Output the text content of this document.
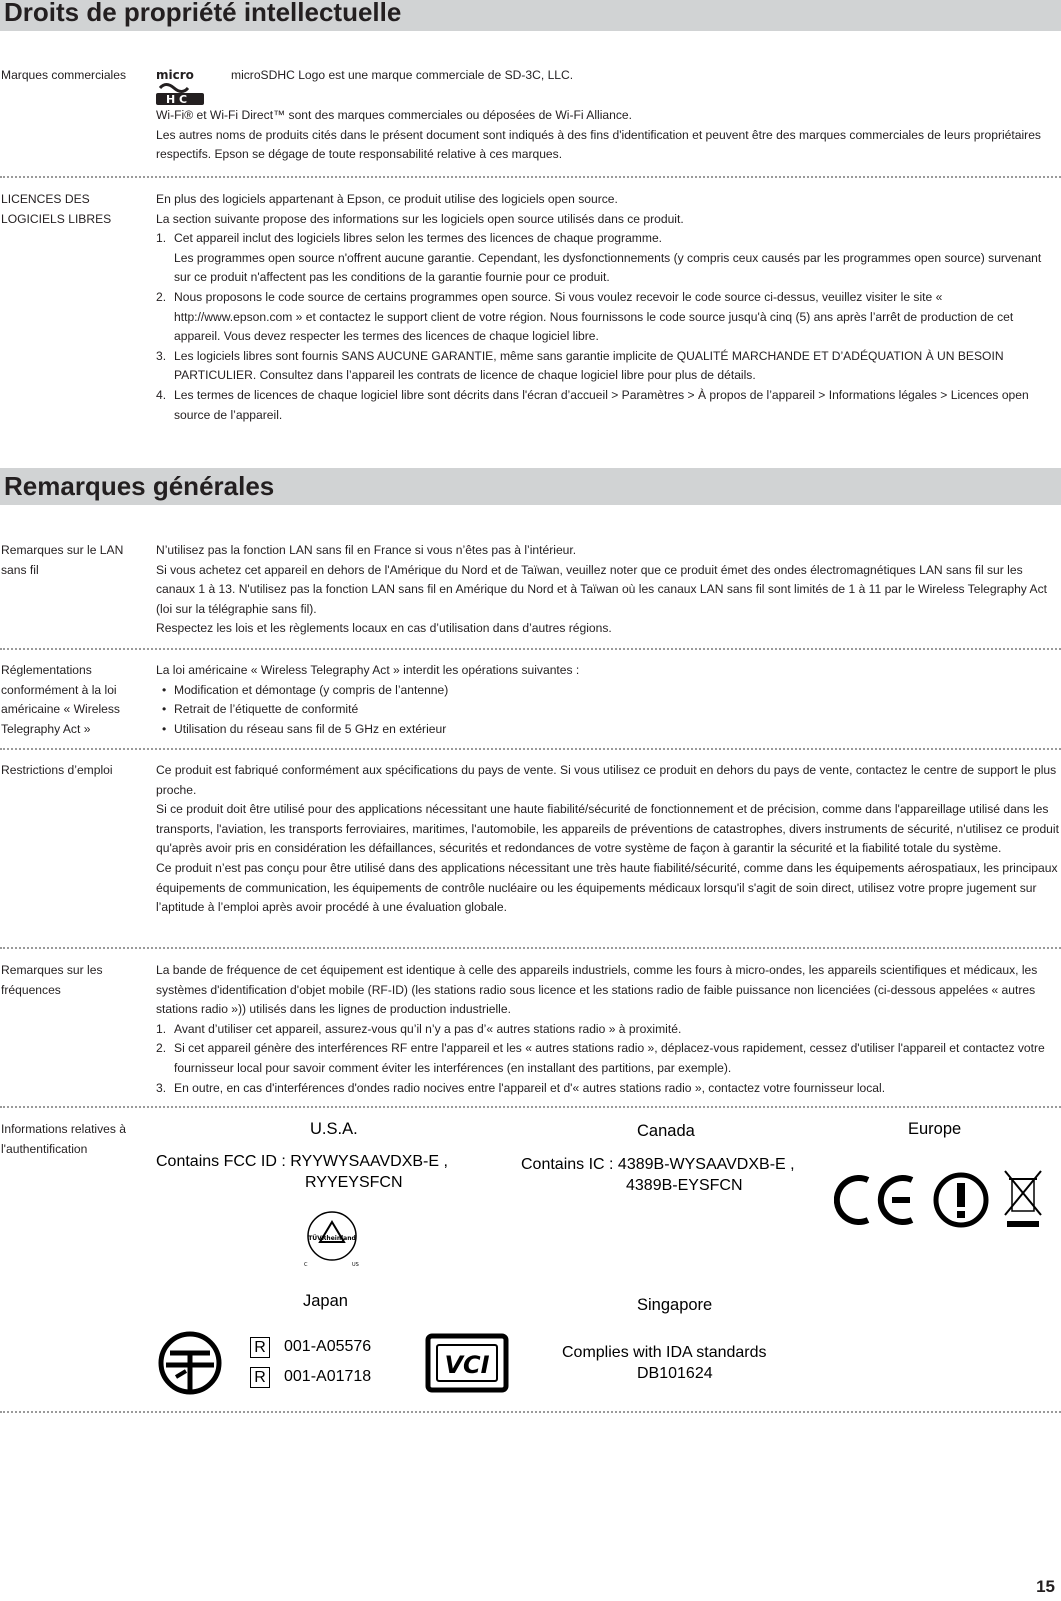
Droits de propriété intellectuelle
Marques commerciales	micro
H C
microSDHC Logo est une marque commerciale de SD-3C, LLC.

Wi-Fi® et Wi-Fi Direct™ sont des marques commerciales ou déposées de Wi-Fi Alliance.

Les autres noms de produits cités dans le présent document sont indiqués à des fins d'identification et peuvent être des marques commerciales de leurs propriétaires respectifs. Epson se dégage de toute responsabilité relative à ces marques.

LICENCES DES LOGICIELS LIBRES

En plus des logiciels appartenant à Epson, ce produit utilise des logiciels open source.

La section suivante propose des informations sur les logiciels open source utilisés dans ce produit.

1. Cet appareil inclut des logiciels libres selon les termes des licences de chaque programme.

Les programmes open source n'offrent aucune garantie. Cependant, les dysfonctionnements (y compris ceux causés par les programmes open source) survenant sur ce produit n'affectent pas les conditions de la garantie fournie pour ce produit.

2. Nous proposons le code source de certains programmes open source. Si vous voulez recevoir le code source ci-dessus, veuillez visiter le site « http://www.epson.com » et contactez le support client de votre région. Nous fournissons le code source jusqu'à cinq (5) ans après l’arrêt de production de cet appareil. Vous devez respecter les termes des licences de chaque logiciel libre.

3. Les logiciels libres sont fournis SANS AUCUNE GARANTIE, même sans garantie implicite de QUALITÉ MARCHANDE ET D’ADÉQUATION À UN BESOIN PARTICULIER. Consultez dans l’appareil les contrats de licence de chaque logiciel libre pour plus de détails.

4. Les termes de licences de chaque logiciel libre sont décrits dans l'écran d’accueil > Paramètres > À propos de l’appareil > Informations légales > Licences open source de l’appareil.

Remarques générales
Remarques sur le LAN sans fil

N’utilisez pas la fonction LAN sans fil en France si vous n’êtes pas à l’intérieur.

Si vous achetez cet appareil en dehors de l'Amérique du Nord et de Taïwan, veuillez noter que ce produit émet des ondes électromagnétiques LAN sans fil sur les canaux 1 à 13. N'utilisez pas la fonction LAN sans fil en Amérique du Nord et à Taïwan où les canaux LAN sans fil sont limités de 1 à 11 par le Wireless Telegraphy Act (loi sur la télégraphie sans fil).

Respectez les lois et les règlements locaux en cas d’utilisation dans d’autres régions.

Réglementations conformément à la loi américaine « Wireless Telegraphy Act »

La loi américaine « Wireless Telegraphy Act » interdit les opérations suivantes :

• Modification et démontage (y compris de l’antenne)
• Retrait de l’étiquette de conformité
• Utilisation du réseau sans fil de 5 GHz en extérieur
Restrictions d’emploi	Ce produit est fabriqué conformément aux spécifications du pays de vente. Si vous utilisez ce produit en dehors du pays de vente, contactez le centre de support le plus proche.

Si ce produit doit être utilisé pour des applications nécessitant une haute fiabilité/sécurité de fonctionnement et de précision, comme dans l'appareillage utilisé dans les transports, l'aviation, les transports ferroviaires, maritimes, l'automobile, les appareils de préventions de catastrophes, divers instruments de sécurité, n'utilisez ce produit qu'après avoir pris en considération les défaillances, sécurités et redondances de votre système de façon à garantir la sécurité et la fiabilité totale du système.

Ce produit n’est pas conçu pour être utilisé dans des applications nécessitant une très haute fiabilité/sécurité, comme dans les équipements aérospatiaux, les principaux équipements de communication, les équipements de contrôle nucléaire ou les équipements médicaux lorsqu'il s'agit de soin direct, utilisez votre propre jugement sur l’aptitude à l’emploi après avoir procédé à une évaluation globale.

Remarques sur les fréquences

La bande de fréquence de cet équipement est identique à celle des appareils industriels, comme les fours à micro-ondes, les appareils scientifiques et médicaux, les systèmes d'identification d'objet mobile (RF-ID) (les stations radio sous licence et les stations radio de faible puissance non licenciées (ci-dessous appelées « autres stations radio »)) utilisés dans les lignes de production industrielle.

1. Avant d’utiliser cet appareil, assurez-vous qu’il n’y a pas d’« autres stations radio » à proximité.

2. Si cet appareil génère des interférences RF entre l'appareil et les « autres stations radio », déplacez-vous rapidement, cessez d'utiliser l'appareil et contactez votre fournisseur local pour savoir comment éviter les interférences (en installant des partitions, par exemple).

3. En outre, en cas d'interférences d'ondes radio nocives entre l'appareil et d'« autres stations radio », contactez votre fournisseur local.

Informations relatives à l'authentification
U.S.A.
Contains FCC ID : RYYWYSAAVDXB-E ,
RYYEYSFCN
TÜVRheinland
C	US
Canada
Contains IC : 4389B-WYSAAVDXB-E ,
4389B-EYSFCN
Europe
Japan
R 001-A05576
R 001-A01718	VCI
Singapore
Complies with IDA standards
DB101624
15
